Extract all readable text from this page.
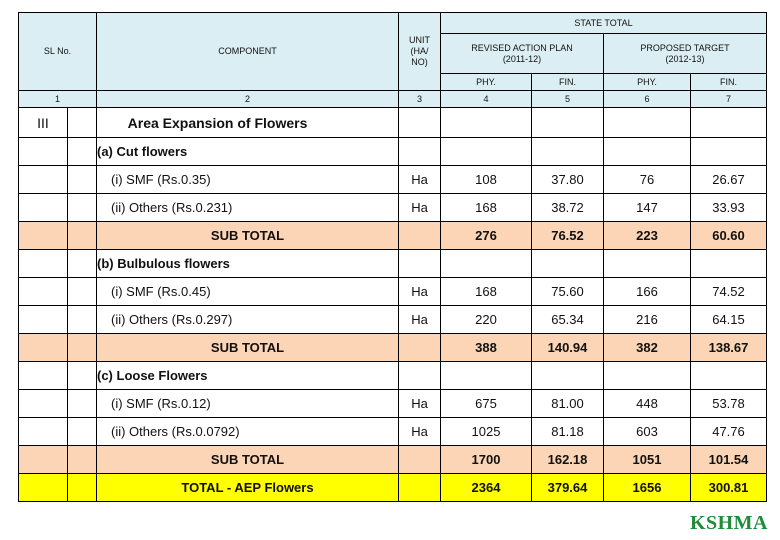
SL No.		COMPONENT	UNIT (HA/ NO)	STATE TOTAL			
				REVISED ACTION PLAN (2011-12)		PROPOSED TARGET (2012-13)	
				PHY.	FIN.	PHY.	FIN.
1		2	3	4	5	6	7
III		Area Expansion of Flowers					
		(a) Cut flowers					
		(i) SMF (Rs.0.35)	Ha	108	37.80	76	26.67
		(ii) Others (Rs.0.231)	Ha	168	38.72	147	33.93
		SUB TOTAL		276	76.52	223	60.60
		(b) Bulbulous flowers					
		(i) SMF (Rs.0.45)	Ha	168	75.60	166	74.52
		(ii) Others (Rs.0.297)	Ha	220	65.34	216	64.15
		SUB TOTAL		388	140.94	382	138.67
		(c) Loose Flowers					
		(i) SMF (Rs.0.12)	Ha	675	81.00	448	53.78
		(ii) Others (Rs.0.0792)	Ha	1025	81.18	603	47.76
		SUB TOTAL		1700	162.18	1051	101.54
		TOTAL - AEP Flowers		2364	379.64	1656	300.81
KSHMA
